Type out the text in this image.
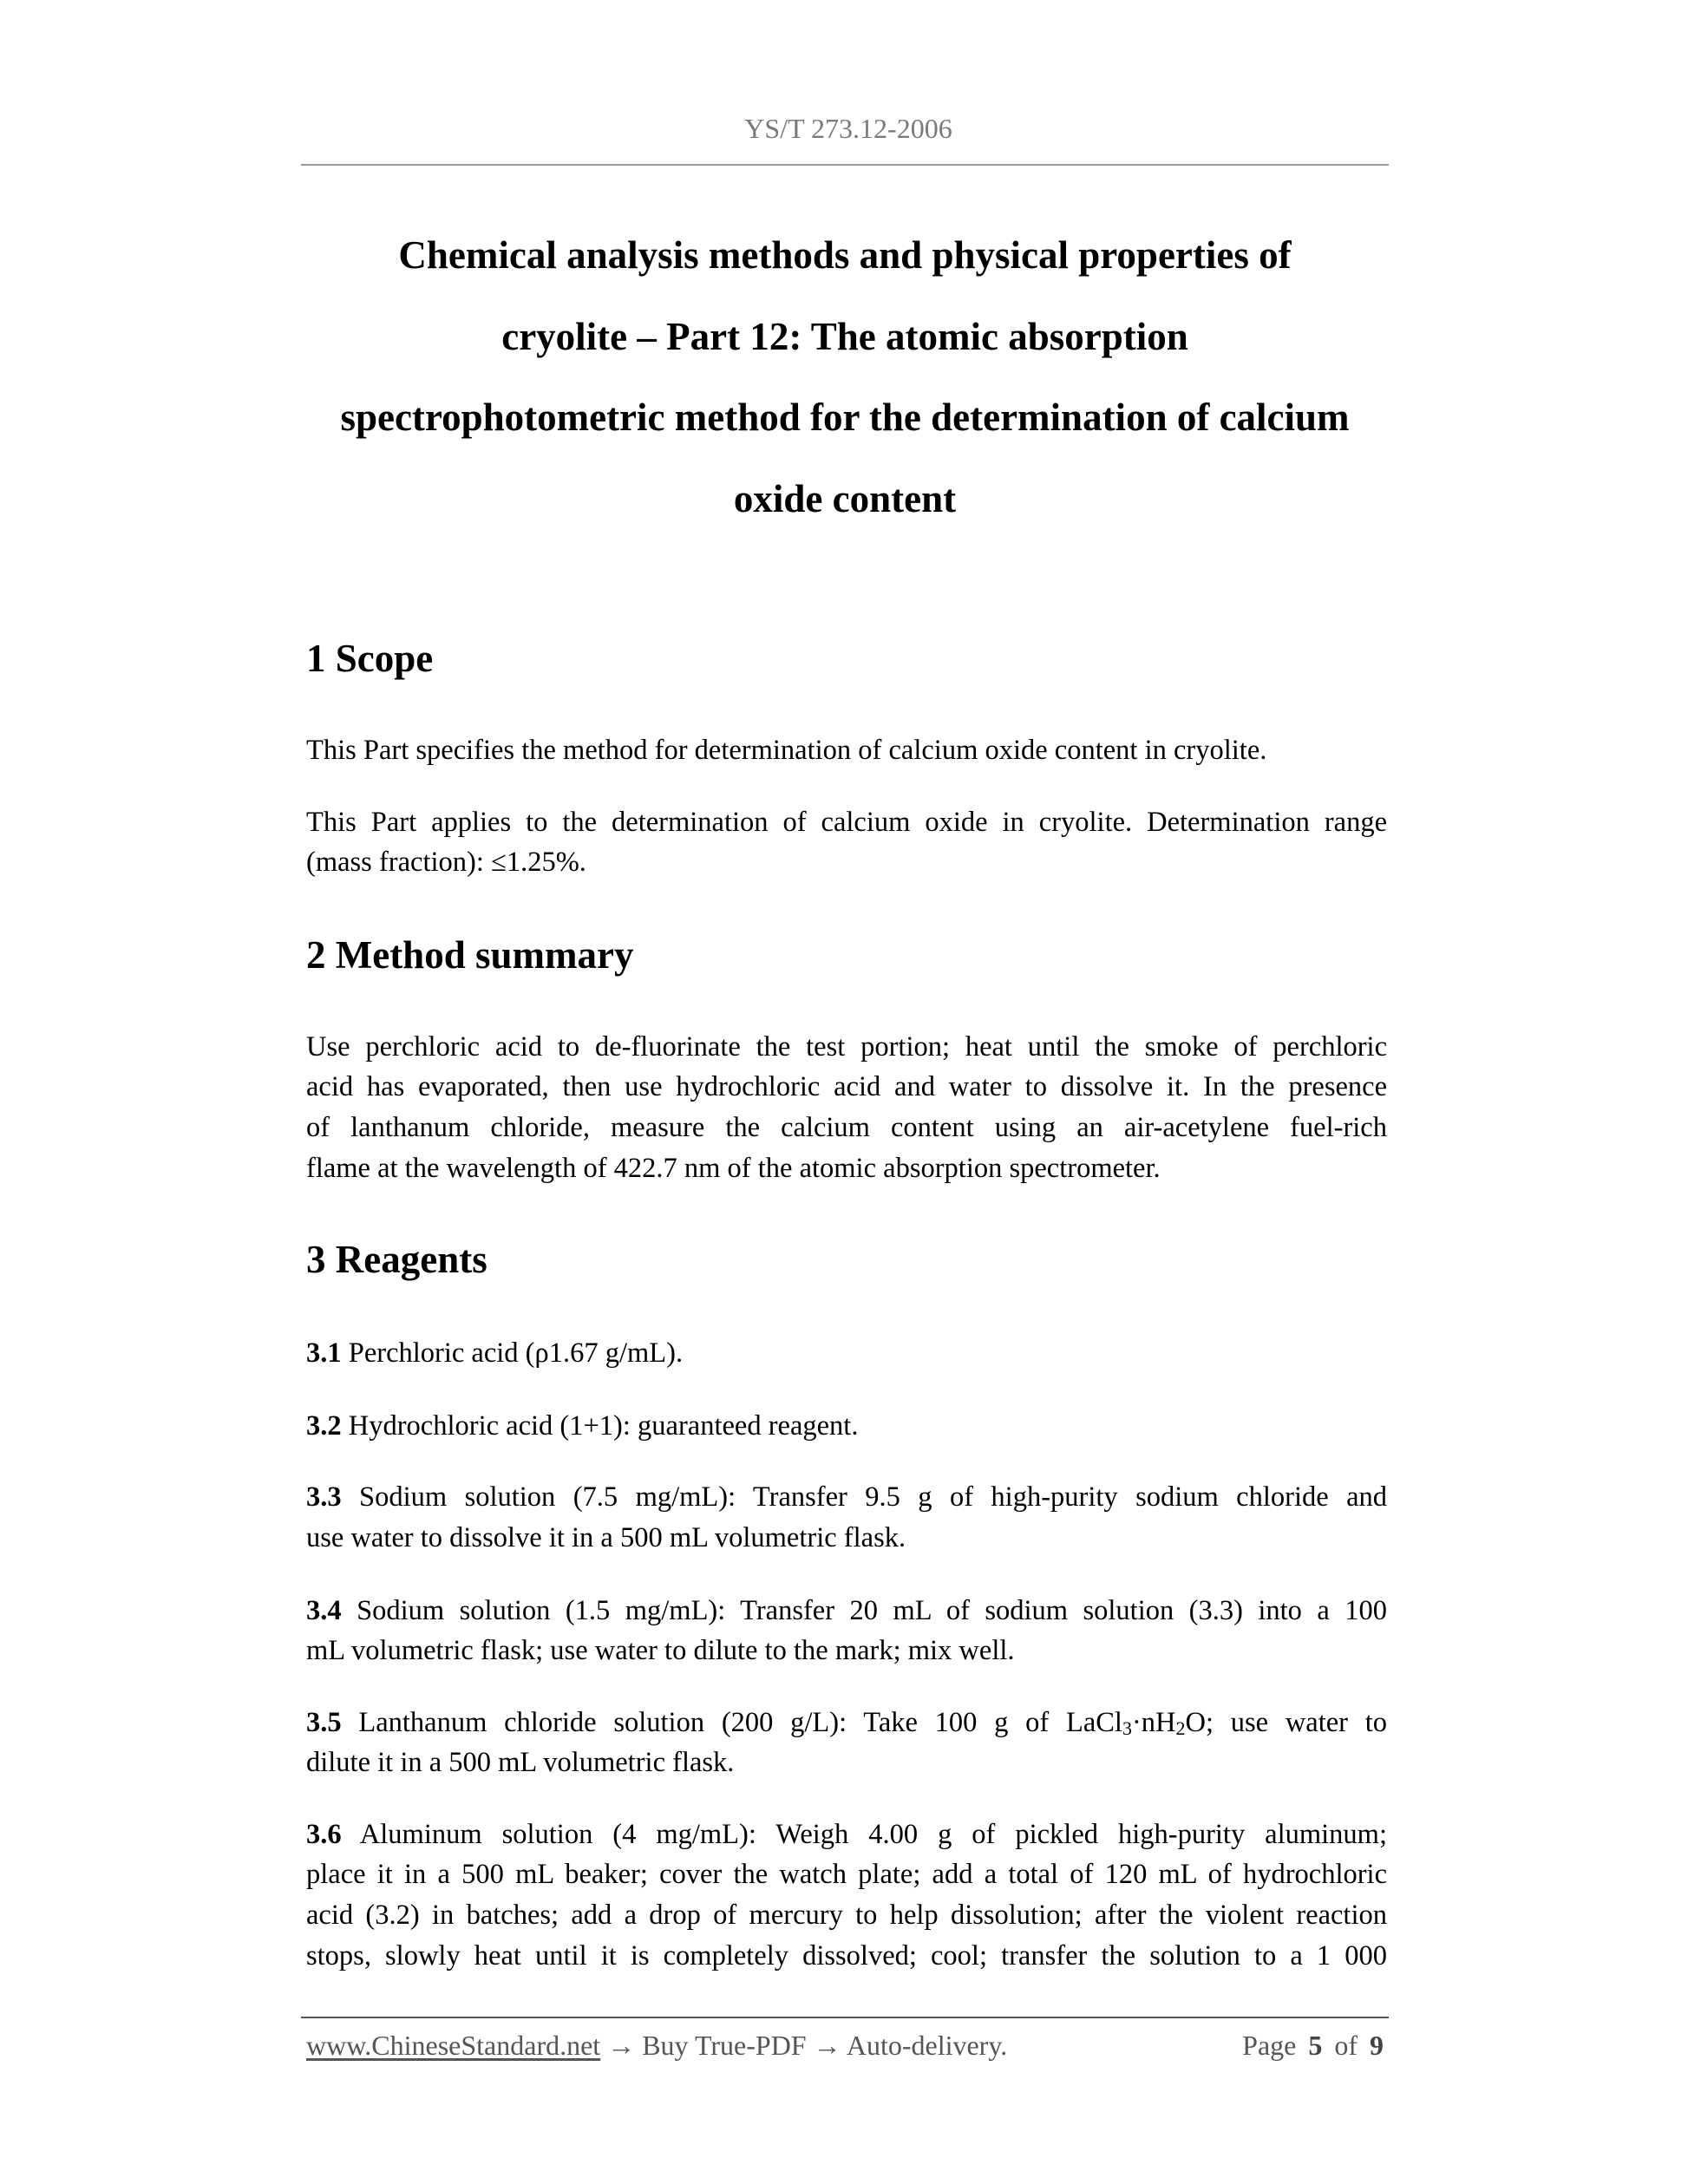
YS/T 273.12-2006
Chemical analysis methods and physical properties of
cryolite – Part 12: The atomic absorption
spectrophotometric method for the determination of calcium
oxide content
1 Scope
This Part specifies the method for determination of calcium oxide content in cryolite.
This Part applies to the determination of calcium oxide in cryolite. Determination range
(mass fraction): ≤1.25%.
2 Method summary
Use perchloric acid to de-fluorinate the test portion; heat until the smoke of perchloric
acid has evaporated, then use hydrochloric acid and water to dissolve it. In the presence
of lanthanum chloride, measure the calcium content using an air-acetylene fuel-rich
flame at the wavelength of 422.7 nm of the atomic absorption spectrometer.
3 Reagents
3.1 Perchloric acid (ρ1.67 g/mL).
3.2 Hydrochloric acid (1+1): guaranteed reagent.
3.3 Sodium solution (7.5 mg/mL): Transfer 9.5 g of high-purity sodium chloride and
use water to dissolve it in a 500 mL volumetric flask.
3.4 Sodium solution (1.5 mg/mL): Transfer 20 mL of sodium solution (3.3) into a 100
mL volumetric flask; use water to dilute to the mark; mix well.
3.5 Lanthanum chloride solution (200 g/L): Take 100 g of $LaCl_3\cdot nH_2O$; use water to
dilute it in a 500 mL volumetric flask.
3.6 Aluminum solution (4 mg/mL): Weigh 4.00 g of pickled high-purity aluminum;
place it in a 500 mL beaker; cover the watch plate; add a total of 120 mL of hydrochloric
acid (3.2) in batches; add a drop of mercury to help dissolution; after the violent reaction
stops, slowly heat until it is completely dissolved; cool; transfer the solution to a 1 000
www.ChineseStandard.net → Buy True-PDF → Auto-delivery.	Page 5 of 9
